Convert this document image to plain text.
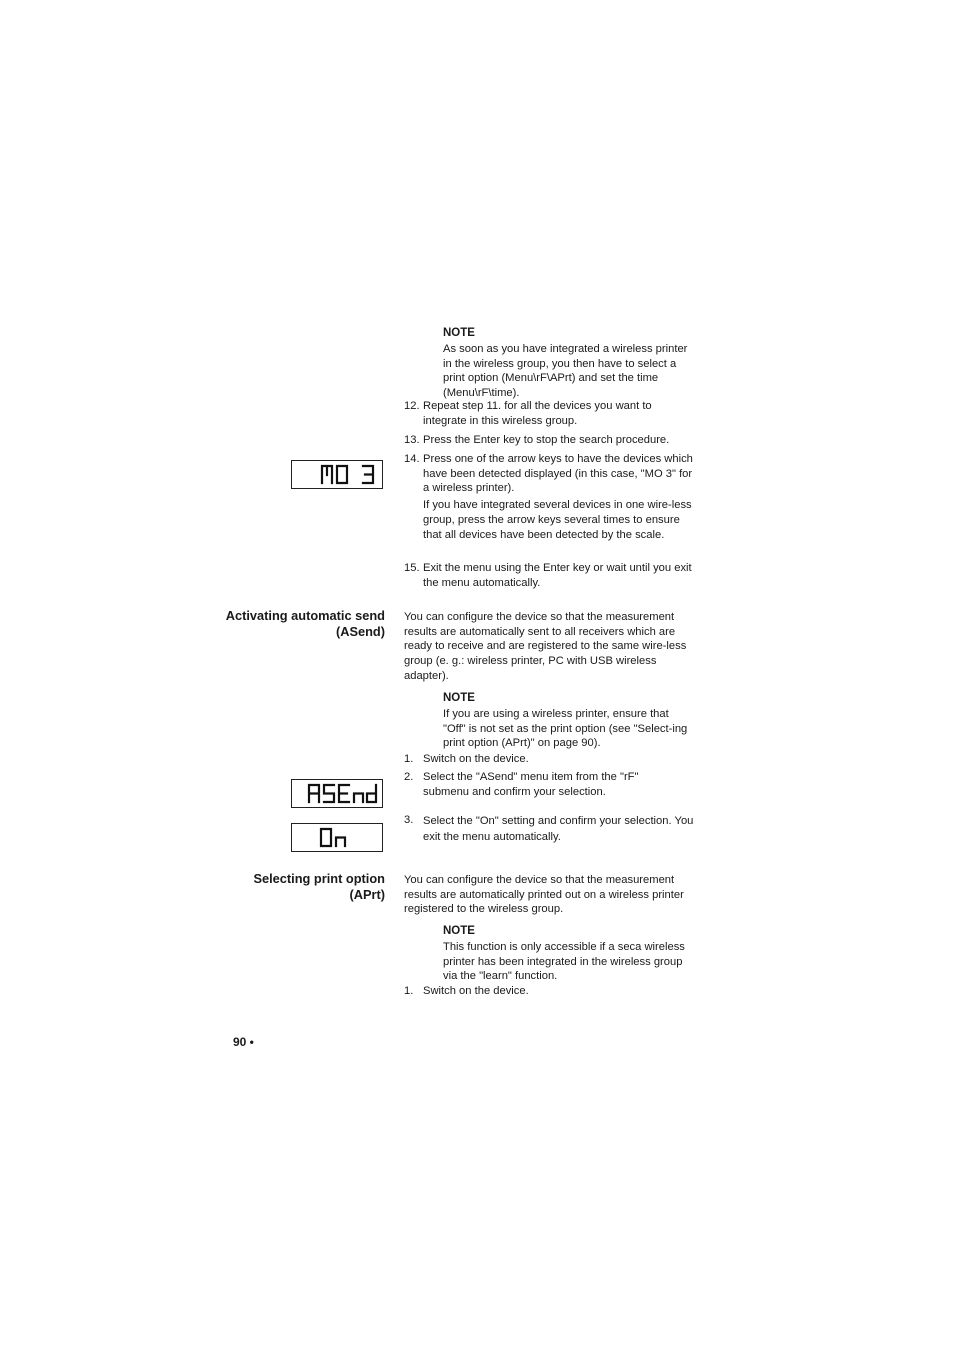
NOTE
As soon as you have integrated a wireless printer in the wireless group, you then have to select a print option (Menu\rF\APrt) and set the time (Menu\rF\time).
12. Repeat step 11. for all the devices you want to integrate in this wireless group.
13. Press the Enter key to stop the search procedure.
14. Press one of the arrow keys to have the devices which have been detected displayed (in this case, "MO 3" for a wireless printer).
If you have integrated several devices in one wire-less group, press the arrow keys several times to ensure that all devices have been detected by the scale.
15. Exit the menu using the Enter key or wait until you exit the menu automatically.
Activating automatic send (ASend)
You can configure the device so that the measurement results are automatically sent to all receivers which are ready to receive and are registered to the same wire-less group (e. g.: wireless printer, PC with USB wireless adapter).
NOTE
If you are using a wireless printer, ensure that "Off" is not set as the print option (see "Select-ing print option (APrt)" on page 90).
1. Switch on the device.
2. Select the "ASend" menu item from the "rF" submenu and confirm your selection.
3. Select the "On" setting and confirm your selection. You exit the menu automatically.
Selecting print option (APrt)
You can configure the device so that the measurement results are automatically printed out on a wireless printer registered to the wireless group.
NOTE
This function is only accessible if a seca wireless printer has been integrated in the wireless group via the "learn" function.
1. Switch on the device.
90 •
